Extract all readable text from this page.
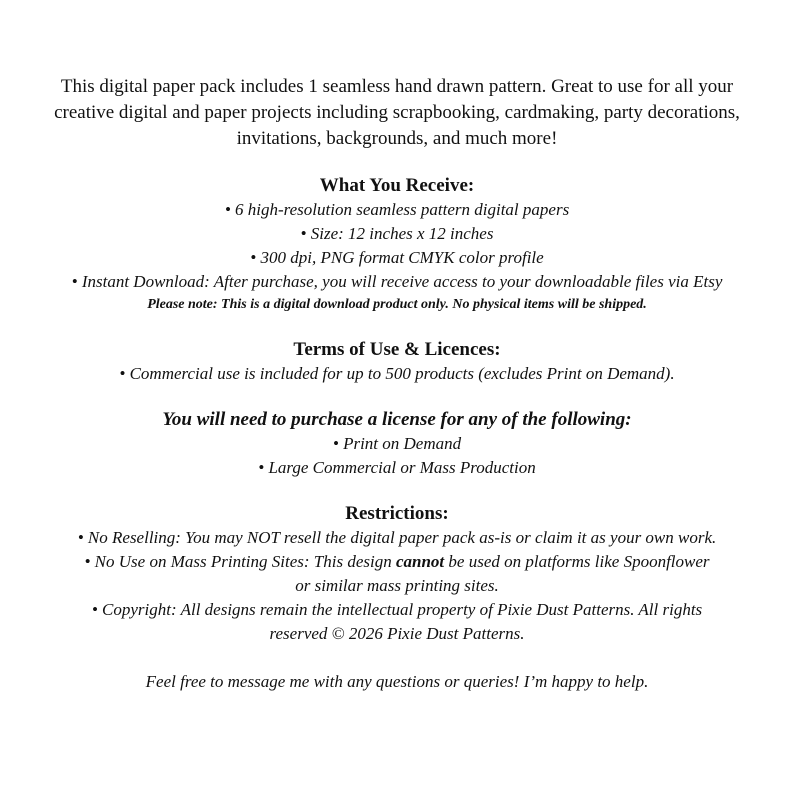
This digital paper pack includes 1 seamless hand drawn pattern. Great to use for all your creative digital and paper projects including scrapbooking, cardmaking, party decorations, invitations, backgrounds, and much more!
What You Receive:
• 6 high-resolution seamless pattern digital papers
• Size: 12 inches x 12 inches
• 300 dpi, PNG format CMYK color profile
• Instant Download: After purchase, you will receive access to your downloadable files via Etsy
Please note: This is a digital download product only. No physical items will be shipped.
Terms of Use & Licences:
• Commercial use is included for up to 500 products (excludes Print on Demand).
You will need to purchase a license for any of the following:
• Print on Demand
• Large Commercial or Mass Production
Restrictions:
• No Reselling: You may NOT resell the digital paper pack as-is or claim it as your own work.
• No Use on Mass Printing Sites: This design cannot be used on platforms like Spoonflower
or similar mass printing sites.
• Copyright: All designs remain the intellectual property of Pixie Dust Patterns. All rights
reserved © 2026 Pixie Dust Patterns.
Feel free to message me with any questions or queries! I’m happy to help.
